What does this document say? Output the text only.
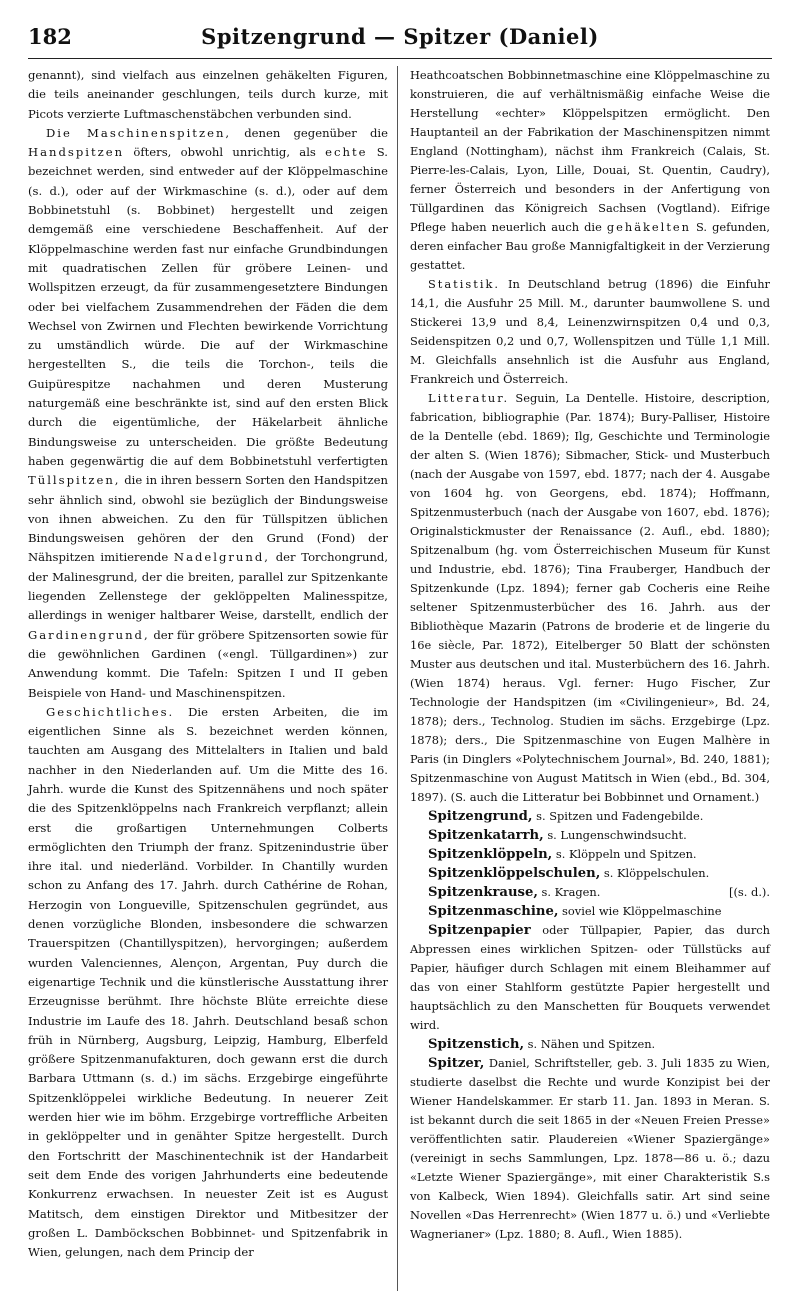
182	Spitzengrund — Spitzer (Daniel)

genannt), sind vielfach aus einzelnen gehäkelten Figuren, die teils aneinander geschlungen, teils durch kurze, mit Picots verzierte Luftmaschenstäbchen verbunden sind.

Die Maschinenspitzen, denen gegenüber die Handspitzen öfters, obwohl unrichtig, als echte S. bezeichnet werden, sind entweder auf der Klöppelmaschine (s. d.), oder auf der Wirkmaschine (s. d.), oder auf dem Bobbinetstuhl (s. Bobbinet) hergestellt und zeigen demgemäß eine verschiedene Beschaffenheit. Auf der Klöppelmaschine werden fast nur einfache Grundbindungen mit quadratischen Zellen für gröbere Leinen- und Wollspitzen erzeugt, da für zusammengesetztere Bindungen oder bei vielfachem Zusammendrehen der Fäden die dem Wechsel von Zwirnen und Flechten bewirkende Vorrichtung zu umständlich würde. Die auf der Wirkmaschine hergestellten S., die teils die Torchon-, teils die Guipürespitze nachahmen und deren Musterung naturgemäß eine beschränkte ist, sind auf den ersten Blick durch die eigentümliche, der Häkelarbeit ähnliche Bindungsweise zu unterscheiden. Die größte Bedeutung haben gegenwärtig die auf dem Bobbinetstuhl verfertigten Tüllspitzen, die in ihren bessern Sorten den Handspitzen sehr ähnlich sind, obwohl sie bezüglich der Bindungsweise von ihnen abweichen. Zu den für Tüllspitzen üblichen Bindungsweisen gehören der den Grund (Fond) der Nähspitzen imitierende Nadelgrund, der Torchongrund, der Malinesgrund, der die breiten, parallel zur Spitzenkante liegenden Zellenstege der geklöppelten Malinesspitze, allerdings in weniger haltbarer Weise, darstellt, endlich der Gardinengrund, der für gröbere Spitzensorten sowie für die gewöhnlichen Gardinen («engl. Tüllgardinen») zur Anwendung kommt. Die Tafeln: Spitzen I und II geben Beispiele von Hand- und Maschinenspitzen.

Geschichtliches. Die ersten Arbeiten, die im eigentlichen Sinne als S. bezeichnet werden können, tauchten am Ausgang des Mittelalters in Italien und bald nachher in den Niederlanden auf. Um die Mitte des 16. Jahrh. wurde die Kunst des Spitzennähens und noch später die des Spitzenklöppelns nach Frankreich verpflanzt; allein erst die großartigen Unternehmungen Colberts ermöglichten den Triumph der franz. Spitzenindustrie über ihre ital. und niederländ. Vorbilder. In Chantilly wurden schon zu Anfang des 17. Jahrh. durch Cathérine de Rohan, Herzogin von Longueville, Spitzenschulen gegründet, aus denen vorzügliche Blonden, insbesondere die schwarzen Trauerspitzen (Chantillyspitzen), hervorgingen; außerdem wurden Valenciennes, Alençon, Argentan, Puy durch die eigenartige Technik und die künstlerische Ausstattung ihrer Erzeugnisse berühmt. Ihre höchste Blüte erreichte diese Industrie im Laufe des 18. Jahrh. Deutschland besaß schon früh in Nürnberg, Augsburg, Leipzig, Hamburg, Elberfeld größere Spitzenmanufakturen, doch gewann erst die durch Barbara Uttmann (s. d.) im sächs. Erzgebirge eingeführte Spitzenklöppelei wirkliche Bedeutung. In neuerer Zeit werden hier wie im böhm. Erzgebirge vortreffliche Arbeiten in geklöppelter und in genähter Spitze hergestellt. Durch den Fortschritt der Maschinentechnik ist der Handarbeit seit dem Ende des vorigen Jahrhunderts eine bedeutende Konkurrenz erwachsen. In neuester Zeit ist es August Matitsch, dem einstigen Direktor und Mitbesitzer der großen L. Damböckschen Bobbinnet- und Spitzenfabrik in Wien, gelungen, nach dem Princip der

Heathcoatschen Bobbinnetmaschine eine Klöppelmaschine zu konstruieren, die auf verhältnismäßig einfache Weise die Herstellung «echter» Klöppelspitzen ermöglicht. Den Hauptanteil an der Fabrikation der Maschinenspitzen nimmt England (Nottingham), nächst ihm Frankreich (Calais, St. Pierre-les-Calais, Lyon, Lille, Douai, St. Quentin, Caudry), ferner Österreich und besonders in der Anfertigung von Tüllgardinen das Königreich Sachsen (Vogtland). Eifrige Pflege haben neuerlich auch die gehäkelten S. gefunden, deren einfacher Bau große Mannigfaltigkeit in der Verzierung gestattet.

Statistik. In Deutschland betrug (1896) die Einfuhr 14,1, die Ausfuhr 25 Mill. M., darunter baumwollene S. und Stickerei 13,9 und 8,4, Leinenzwirnspitzen 0,4 und 0,3, Seidenspitzen 0,2 und 0,7, Wollenspitzen und Tülle 1,1 Mill. M. Gleichfalls ansehnlich ist die Ausfuhr aus England, Frankreich und Österreich.

Litteratur. Seguin, La Dentelle. Histoire, description, fabrication, bibliographie (Par. 1874); Bury-Palliser, Histoire de la Dentelle (ebd. 1869); Ilg, Geschichte und Terminologie der alten S. (Wien 1876); Sibmacher, Stick- und Musterbuch (nach der Ausgabe von 1597, ebd. 1877; nach der 4. Ausgabe von 1604 hg. von Georgens, ebd. 1874); Hoffmann, Spitzenmusterbuch (nach der Ausgabe von 1607, ebd. 1876); Originalstickmuster der Renaissance (2. Aufl., ebd. 1880); Spitzenalbum (hg. vom Österreichischen Museum für Kunst und Industrie, ebd. 1876); Tina Frauberger, Handbuch der Spitzenkunde (Lpz. 1894); ferner gab Cocheris eine Reihe seltener Spitzenmusterbücher des 16. Jahrh. aus der Bibliothèque Mazarin (Patrons de broderie et de lingerie du 16e siècle, Par. 1872), Eitelberger 50 Blatt der schönsten Muster aus deutschen und ital. Musterbüchern des 16. Jahrh. (Wien 1874) heraus. Vgl. ferner: Hugo Fischer, Zur Technologie der Handspitzen (im «Civilingenieur», Bd. 24, 1878); ders., Technolog. Studien im sächs. Erzgebirge (Lpz. 1878); ders., Die Spitzenmaschine von Eugen Malhère in Paris (in Dinglers «Polytechnischem Journal», Bd. 240, 1881); Spitzenmaschine von August Matitsch in Wien (ebd., Bd. 304, 1897). (S. auch die Litteratur bei Bobbinnet und Ornament.)

Spitzengrund, s. Spitzen und Fadengebilde.

Spitzenkatarrh, s. Lungenschwindsucht.

Spitzenklöppeln, s. Klöppeln und Spitzen.

Spitzenklöppelschulen, s. Klöppelschulen.

Spitzenkrause, s. Kragen.	[(s. d.).

Spitzenmaschine, soviel wie Klöppelmaschine

Spitzenpapier oder Tüllpapier, Papier, das durch Abpressen eines wirklichen Spitzen- oder Tüllstücks auf Papier, häufiger durch Schlagen mit einem Bleihammer auf das von einer Stahlform gestützte Papier hergestellt und hauptsächlich zu den Manschetten für Bouquets verwendet wird.

Spitzenstich, s. Nähen und Spitzen.

Spitzer, Daniel, Schriftsteller, geb. 3. Juli 1835 zu Wien, studierte daselbst die Rechte und wurde Konzipist bei der Wiener Handelskammer. Er starb 11. Jan. 1893 in Meran. S. ist bekannt durch die seit 1865 in der «Neuen Freien Presse» veröffentlichten satir. Plaudereien «Wiener Spaziergänge» (vereinigt in sechs Sammlungen, Lpz. 1878—86 u. ö.; dazu «Letzte Wiener Spaziergänge», mit einer Charakteristik S.s von Kalbeck, Wien 1894). Gleichfalls satir. Art sind seine Novellen «Das Herrenrecht» (Wien 1877 u. ö.) und «Verliebte Wagnerianer» (Lpz. 1880; 8. Aufl., Wien 1885).
